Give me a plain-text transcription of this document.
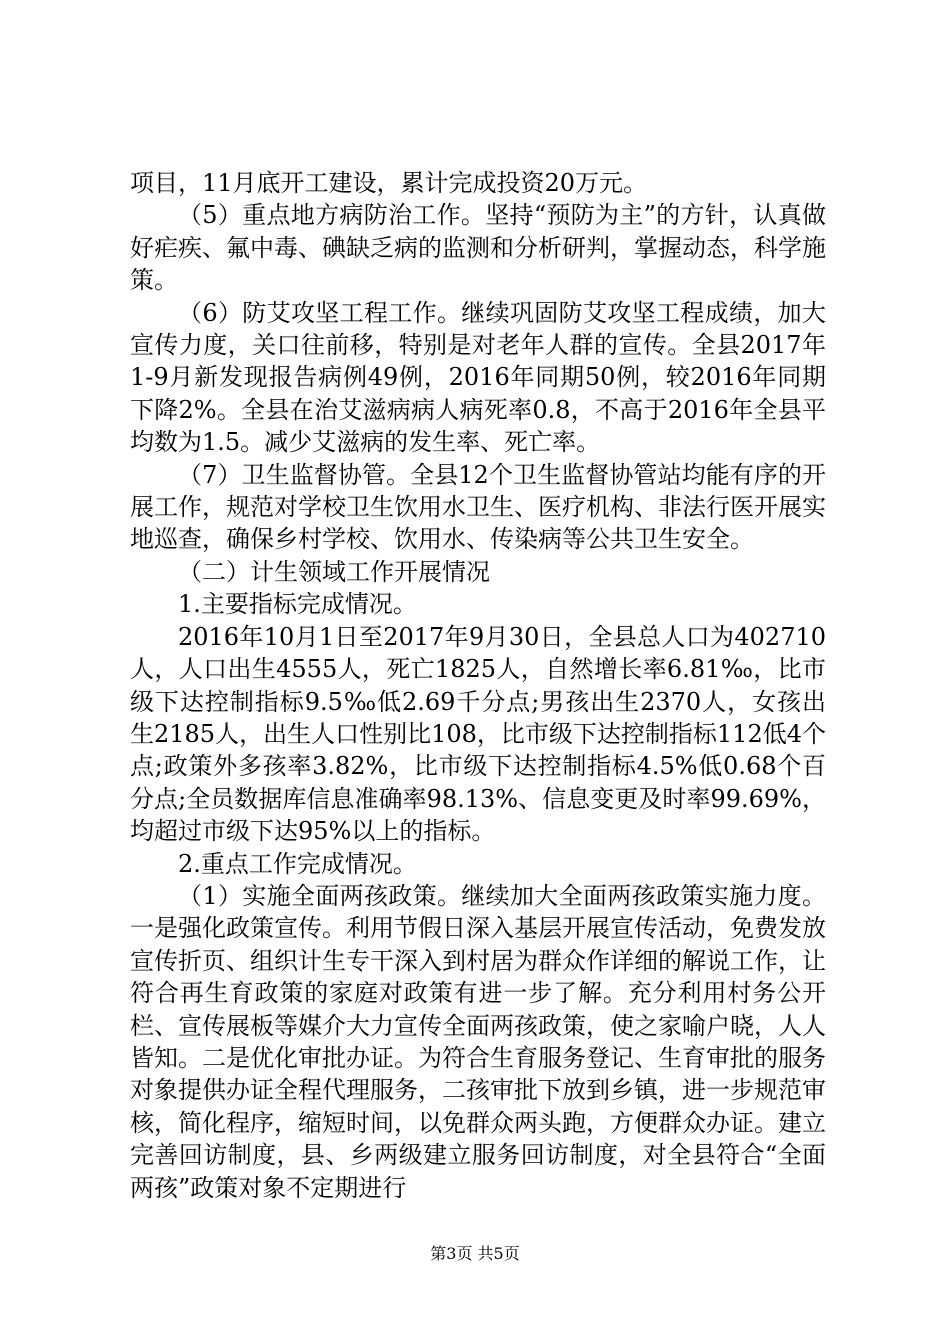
项目，11月底开工建设，累计完成投资20万元。

（5）重点地方病防治工作。坚持“预防为主”的方针，认真做好疟疾、氟中毒、碘缺乏病的监测和分析研判，掌握动态，科学施策。

（6）防艾攻坚工程工作。继续巩固防艾攻坚工程成绩，加大宣传力度，关口往前移，特别是对老年人群的宣传。全县2017年1-9月新发现报告病例49例，2016年同期50例，较2016年同期下降2%。全县在治艾滋病病人病死率0.8，不高于2016年全县平均数为1.5。减少艾滋病的发生率、死亡率。

（7）卫生监督协管。全县12个卫生监督协管站均能有序的开展工作，规范对学校卫生饮用水卫生、医疗机构、非法行医开展实地巡查，确保乡村学校、饮用水、传染病等公共卫生安全。

（二）计生领域工作开展情况

1.主要指标完成情况。

2016年10月1日至2017年9月30日，全县总人口为402710人，人口出生4555人，死亡1825人，自然增长率6.81‰，比市级下达控制指标9.5‰低2.69千分点;男孩出生2370人，女孩出生2185人，出生人口性别比108，比市级下达控制指标112低4个点;政策外多孩率3.82%，比市级下达控制指标4.5%低0.68个百分点;全员数据库信息准确率98.13%、信息变更及时率99.69%，均超过市级下达95%以上的指标。

2.重点工作完成情况。

（1）实施全面两孩政策。继续加大全面两孩政策实施力度。一是强化政策宣传。利用节假日深入基层开展宣传活动，免费发放宣传折页、组织计生专干深入到村居为群众作详细的解说工作，让符合再生育政策的家庭对政策有进一步了解。充分利用村务公开栏、宣传展板等媒介大力宣传全面两孩政策，使之家喻户晓，人人皆知。二是优化审批办证。为符合生育服务登记、生育审批的服务对象提供办证全程代理服务，二孩审批下放到乡镇，进一步规范审核，简化程序，缩短时间，以免群众两头跑，方便群众办证。建立完善回访制度，县、乡两级建立服务回访制度，对全县符合“全面两孩”政策对象不定期进行

第3页 共5页
